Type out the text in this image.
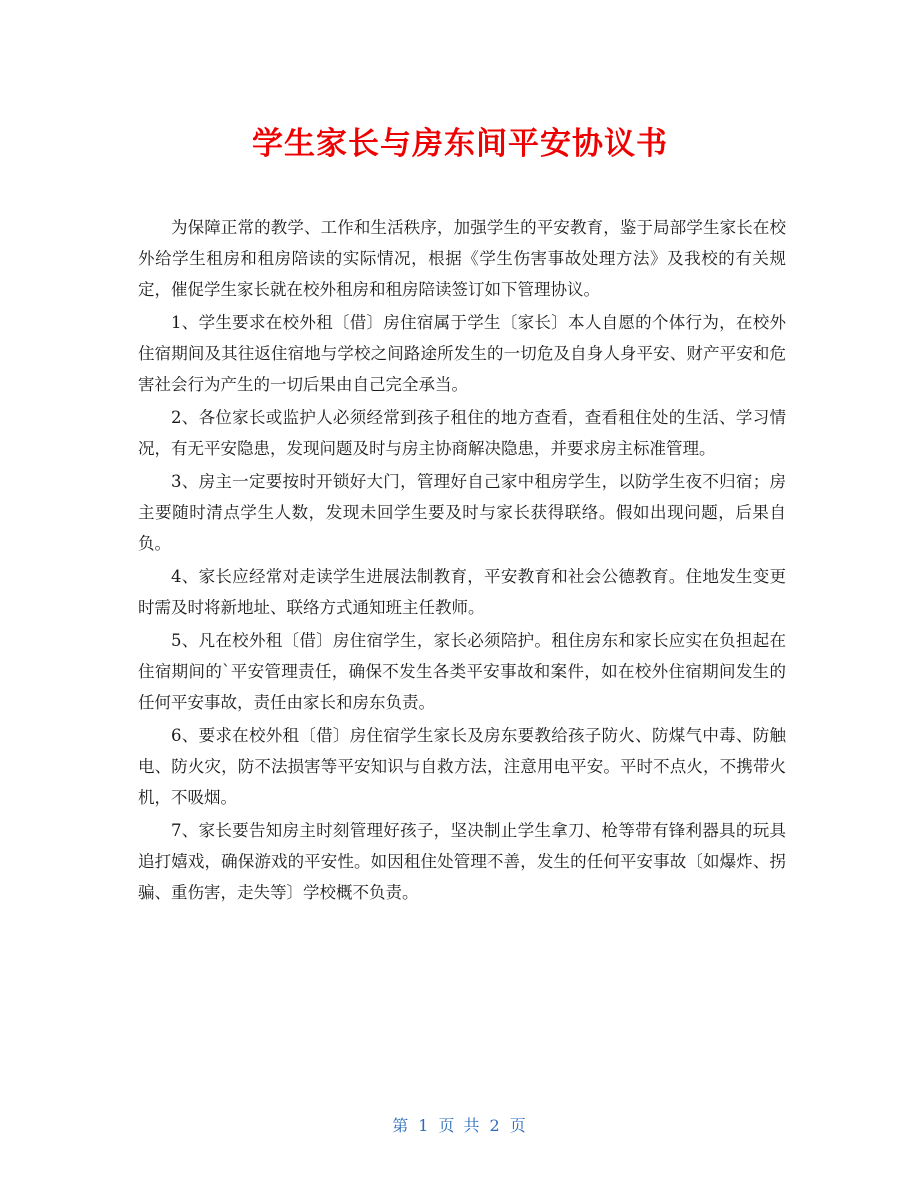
学生家长与房东间平安协议书

为保障正常的教学、工作和生活秩序，加强学生的平安教育，鉴于局部学生家长在校外给学生租房和租房陪读的实际情况，根据《学生伤害事故处理方法》及我校的有关规定，催促学生家长就在校外租房和租房陪读签订如下管理协议。

1、学生要求在校外租〔借〕房住宿属于学生〔家长〕本人自愿的个体行为，在校外住宿期间及其往返住宿地与学校之间路途所发生的一切危及自身人身平安、财产平安和危害社会行为产生的一切后果由自己完全承当。

2、各位家长或监护人必须经常到孩子租住的地方查看，查看租住处的生活、学习情况，有无平安隐患，发现问题及时与房主协商解决隐患，并要求房主标准管理。

3、房主一定要按时开锁好大门，管理好自己家中租房学生，以防学生夜不归宿；房主要随时清点学生人数，发现未回学生要及时与家长获得联络。假如出现问题，后果自负。

4、家长应经常对走读学生进展法制教育，平安教育和社会公德教育。住地发生变更时需及时将新地址、联络方式通知班主任教师。

5、凡在校外租〔借〕房住宿学生，家长必须陪护。租住房东和家长应实在负担起在住宿期间的`平安管理责任，确保不发生各类平安事故和案件，如在校外住宿期间发生的任何平安事故，责任由家长和房东负责。

6、要求在校外租〔借〕房住宿学生家长及房东要教给孩子防火、防煤气中毒、防触电、防火灾，防不法损害等平安知识与自救方法，注意用电平安。平时不点火，不携带火机，不吸烟。

7、家长要告知房主时刻管理好孩子，坚决制止学生拿刀、枪等带有锋利器具的玩具追打嬉戏，确保游戏的平安性。如因租住处管理不善，发生的任何平安事故〔如爆炸、拐骗、重伤害，走失等〕学校概不负责。

第 1 页 共 2 页
